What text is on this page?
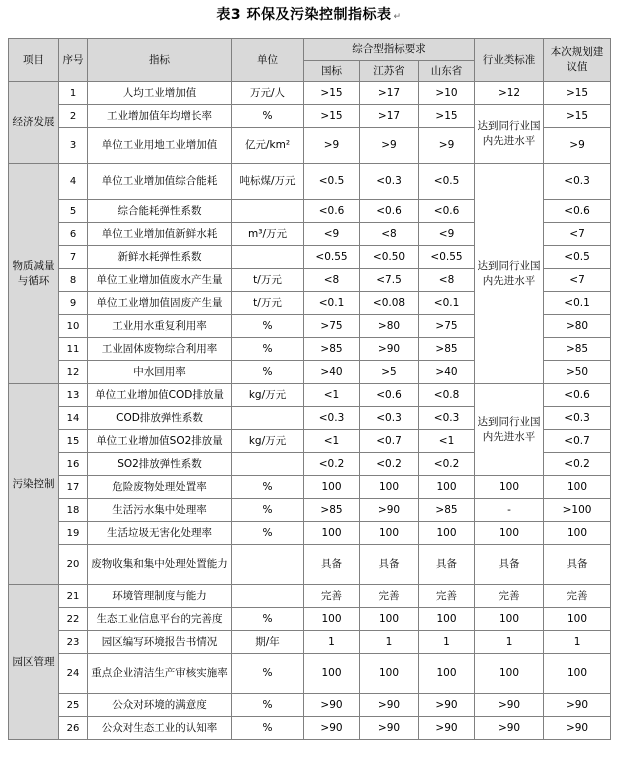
表3 环保及污染控制指标表 ↵
项目	序号	指标	单位	综合型指标要求			行业类标准	本次规划建议值
				国标	江苏省	山东省		
经济发展	1	人均工业增加值	万元/人	>15	>17	>10	>12	>15
	2	工业增加值年均增长率	%	>15	>17	>15	达到同行业国内先进水平	>15
	3	单位工业用地工业增加值	亿元/km²	>9	>9	>9		>9
物质减量与循环	4	单位工业增加值综合能耗	吨标煤/万元	<0.5	<0.3	<0.5	达到同行业国内先进水平	<0.3
	5	综合能耗弹性系数		<0.6	<0.6	<0.6		<0.6
	6	单位工业增加值新鲜水耗	m³/万元	<9	<8	<9		<7
	7	新鲜水耗弹性系数		<0.55	<0.50	<0.55		<0.5
	8	单位工业增加值废水产生量	t/万元	<8	<7.5	<8		<7
	9	单位工业增加值固废产生量	t/万元	<0.1	<0.08	<0.1		<0.1
	10	工业用水重复利用率	%	>75	>80	>75		>80
	11	工业固体废物综合利用率	%	>85	>90	>85		>85
	12	中水回用率	%	>40	>5	>40		>50
污染控制	13	单位工业增加值COD排放量	kg/万元	<1	<0.6	<0.8	达到同行业国内先进水平	<0.6
	14	COD排放弹性系数		<0.3	<0.3	<0.3		<0.3
	15	单位工业增加值SO2排放量	kg/万元	<1	<0.7	<1		<0.7
	16	SO2排放弹性系数		<0.2	<0.2	<0.2		<0.2
	17	危险废物处理处置率	%	100	100	100	100	100
	18	生活污水集中处理率	%	>85	>90	>85	-	>100
	19	生活垃圾无害化处理率	%	100	100	100	100	100
	20	废物收集和集中处理处置能力		具备	具备	具备	具备	具备
园区管理	21	环境管理制度与能力		完善	完善	完善	完善	完善
	22	生态工业信息平台的完善度	%	100	100	100	100	100
	23	园区编写环境报告书情况	期/年	1	1	1	1	1
	24	重点企业清洁生产审核实施率	%	100	100	100	100	100
	25	公众对环境的满意度	%	>90	>90	>90	>90	>90
	26	公众对生态工业的认知率	%	>90	>90	>90	>90	>90
